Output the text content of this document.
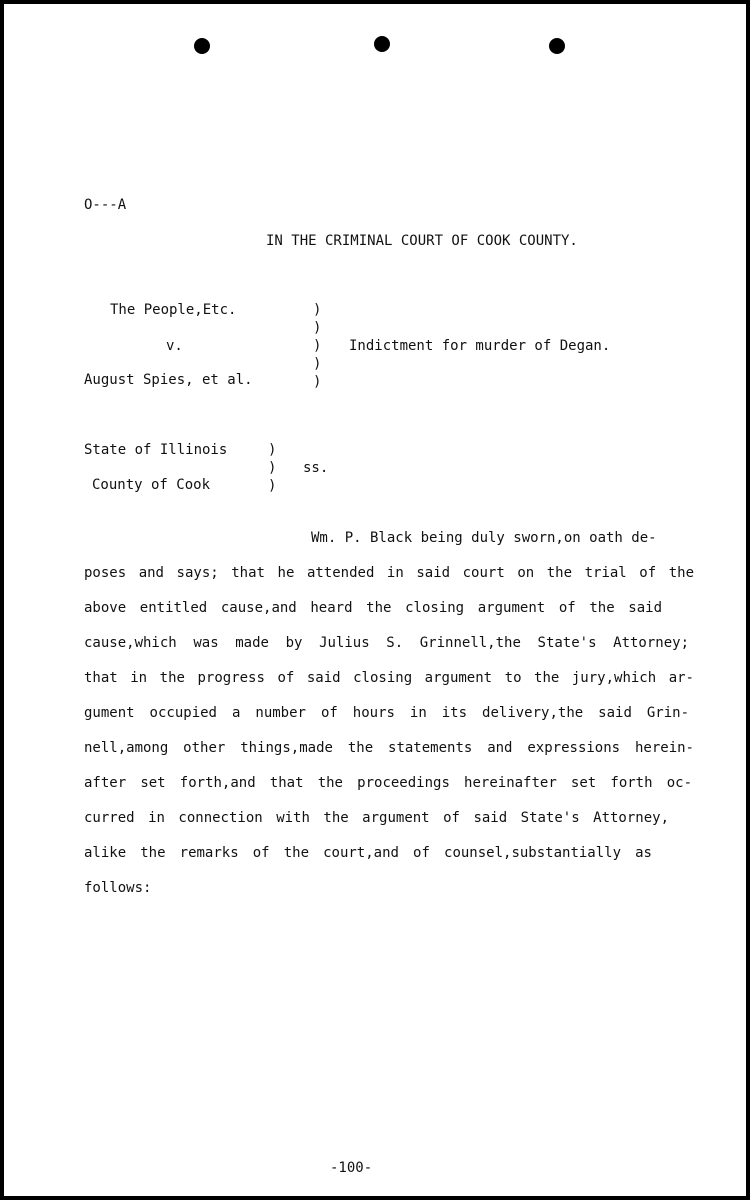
O---A
IN THE CRIMINAL COURT OF COOK COUNTY.
The People,Etc.
v.
August Spies, et al.
)
)
)
)
)
Indictment for murder of Degan.
State of Illinois
County of Cook
)
)
)
ss.
Wm. P. Black being duly sworn,on oath de-
poses and says; that he attended in said court on the trial of the
above entitled cause,and heard the closing argument of the said
cause,which was made by Julius S. Grinnell,the State's Attorney;
that in the progress of said closing argument to the jury,which ar-
gument occupied a number of hours in its delivery,the said Grin-
nell,among other things,made the statements and expressions herein-
after set forth,and that the proceedings hereinafter set forth oc-
curred in connection with the argument of said State's Attorney,
alike the remarks of the court,and of counsel,substantially as
follows:
-100-
